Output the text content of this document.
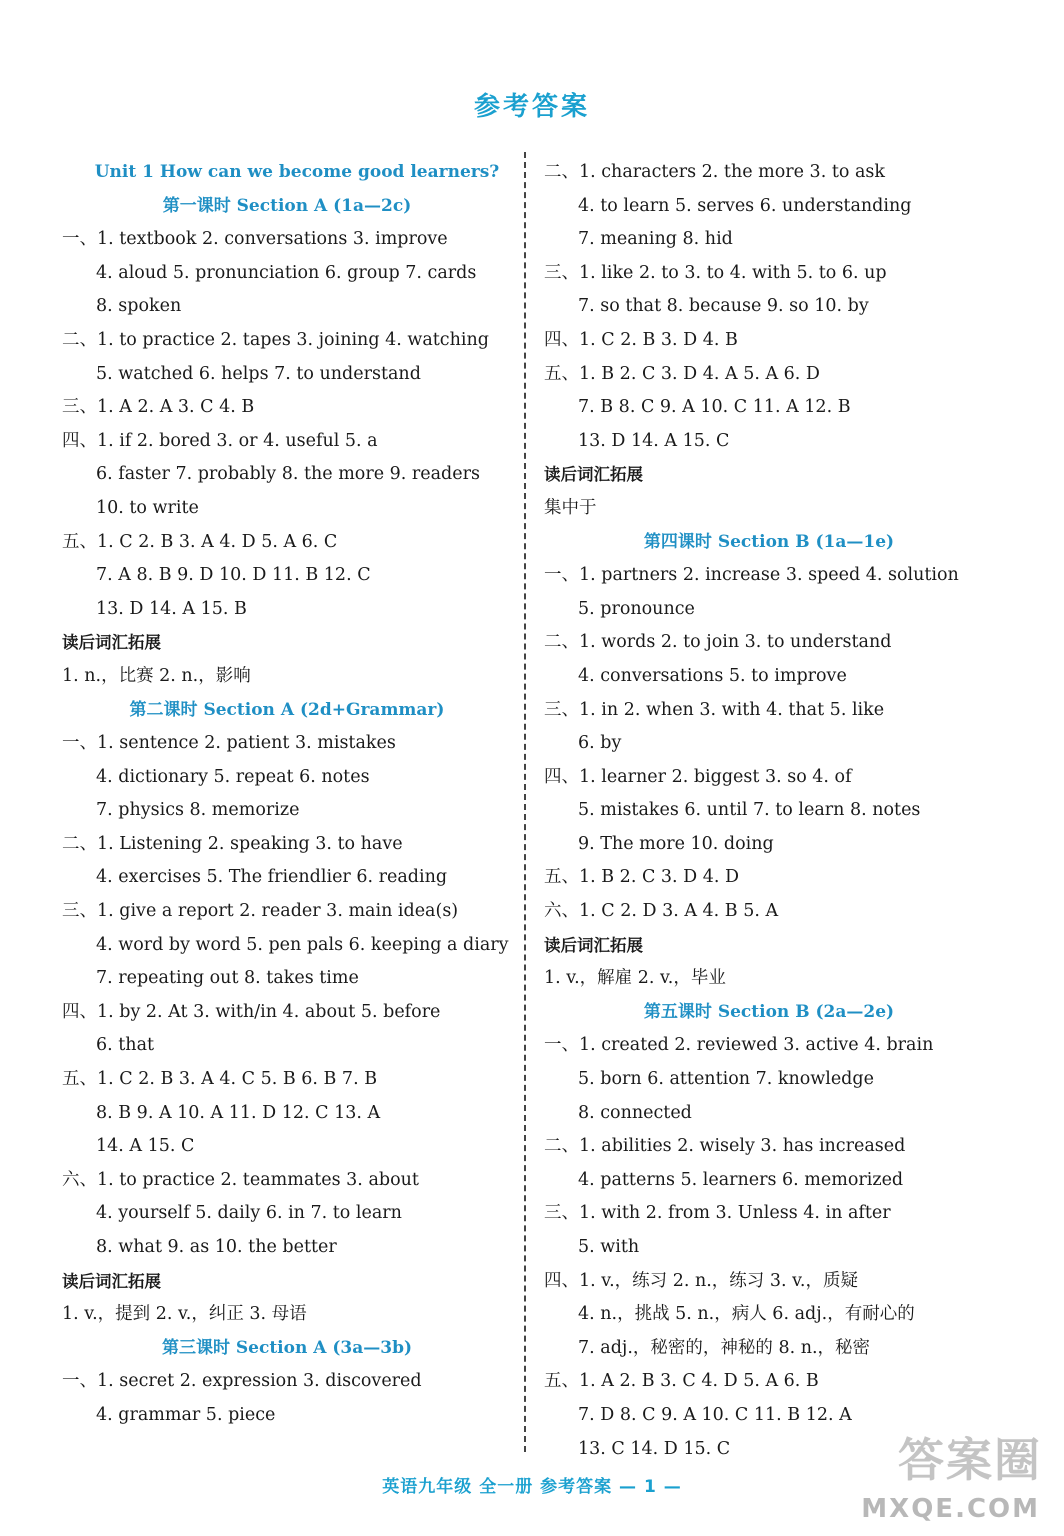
参考答案
Unit 1 How can we become good learners?
第一课时 Section A (1a—2c)
一、1. textbook 2. conversations 3. improve
4. aloud 5. pronunciation 6. group 7. cards
8. spoken
二、1. to practice 2. tapes 3. joining 4. watching
5. watched 6. helps 7. to understand
三、1. A 2. A 3. C 4. B
四、1. if 2. bored 3. or 4. useful 5. a
6. faster 7. probably 8. the more 9. readers
10. to write
五、1. C 2. B 3. A 4. D 5. A 6. C
7. A 8. B 9. D 10. D 11. B 12. C
13. D 14. A 15. B
读后词汇拓展
1. n.，比赛 2. n.，影响
第二课时 Section A (2d+Grammar)
一、1. sentence 2. patient 3. mistakes
4. dictionary 5. repeat 6. notes
7. physics 8. memorize
二、1. Listening 2. speaking 3. to have
4. exercises 5. The friendlier 6. reading
三、1. give a report 2. reader 3. main idea(s)
4. word by word 5. pen pals 6. keeping a diary
7. repeating out 8. takes time
四、1. by 2. At 3. with/in 4. about 5. before
6. that
五、1. C 2. B 3. A 4. C 5. B 6. B 7. B
8. B 9. A 10. A 11. D 12. C 13. A
14. A 15. C
六、1. to practice 2. teammates 3. about
4. yourself 5. daily 6. in 7. to learn
8. what 9. as 10. the better
读后词汇拓展
1. v.，提到 2. v.，纠正 3. 母语
第三课时 Section A (3a—3b)
一、1. secret 2. expression 3. discovered
4. grammar 5. piece
二、1. characters 2. the more 3. to ask
4. to learn 5. serves 6. understanding
7. meaning 8. hid
三、1. like 2. to 3. to 4. with 5. to 6. up
7. so that 8. because 9. so 10. by
四、1. C 2. B 3. D 4. B
五、1. B 2. C 3. D 4. A 5. A 6. D
7. B 8. C 9. A 10. C 11. A 12. B
13. D 14. A 15. C
读后词汇拓展
集中于
第四课时 Section B (1a—1e)
一、1. partners 2. increase 3. speed 4. solution
5. pronounce
二、1. words 2. to join 3. to understand
4. conversations 5. to improve
三、1. in 2. when 3. with 4. that 5. like
6. by
四、1. learner 2. biggest 3. so 4. of
5. mistakes 6. until 7. to learn 8. notes
9. The more 10. doing
五、1. B 2. C 3. D 4. D
六、1. C 2. D 3. A 4. B 5. A
读后词汇拓展
1. v.，解雇 2. v.，毕业
第五课时 Section B (2a—2e)
一、1. created 2. reviewed 3. active 4. brain
5. born 6. attention 7. knowledge
8. connected
二、1. abilities 2. wisely 3. has increased
4. patterns 5. learners 6. memorized
三、1. with 2. from 3. Unless 4. in after
5. with
四、1. v.，练习 2. n.，练习 3. v.，质疑
4. n.，挑战 5. n.，病人 6. adj.，有耐心的
7. adj.，秘密的，神秘的 8. n.，秘密
五、1. A 2. B 3. C 4. D 5. A 6. B
7. D 8. C 9. A 10. C 11. B 12. A
13. C 14. D 15. C
英语九年级 全一册 参考答案 — 1 —	答案圈
MXQE.COM
